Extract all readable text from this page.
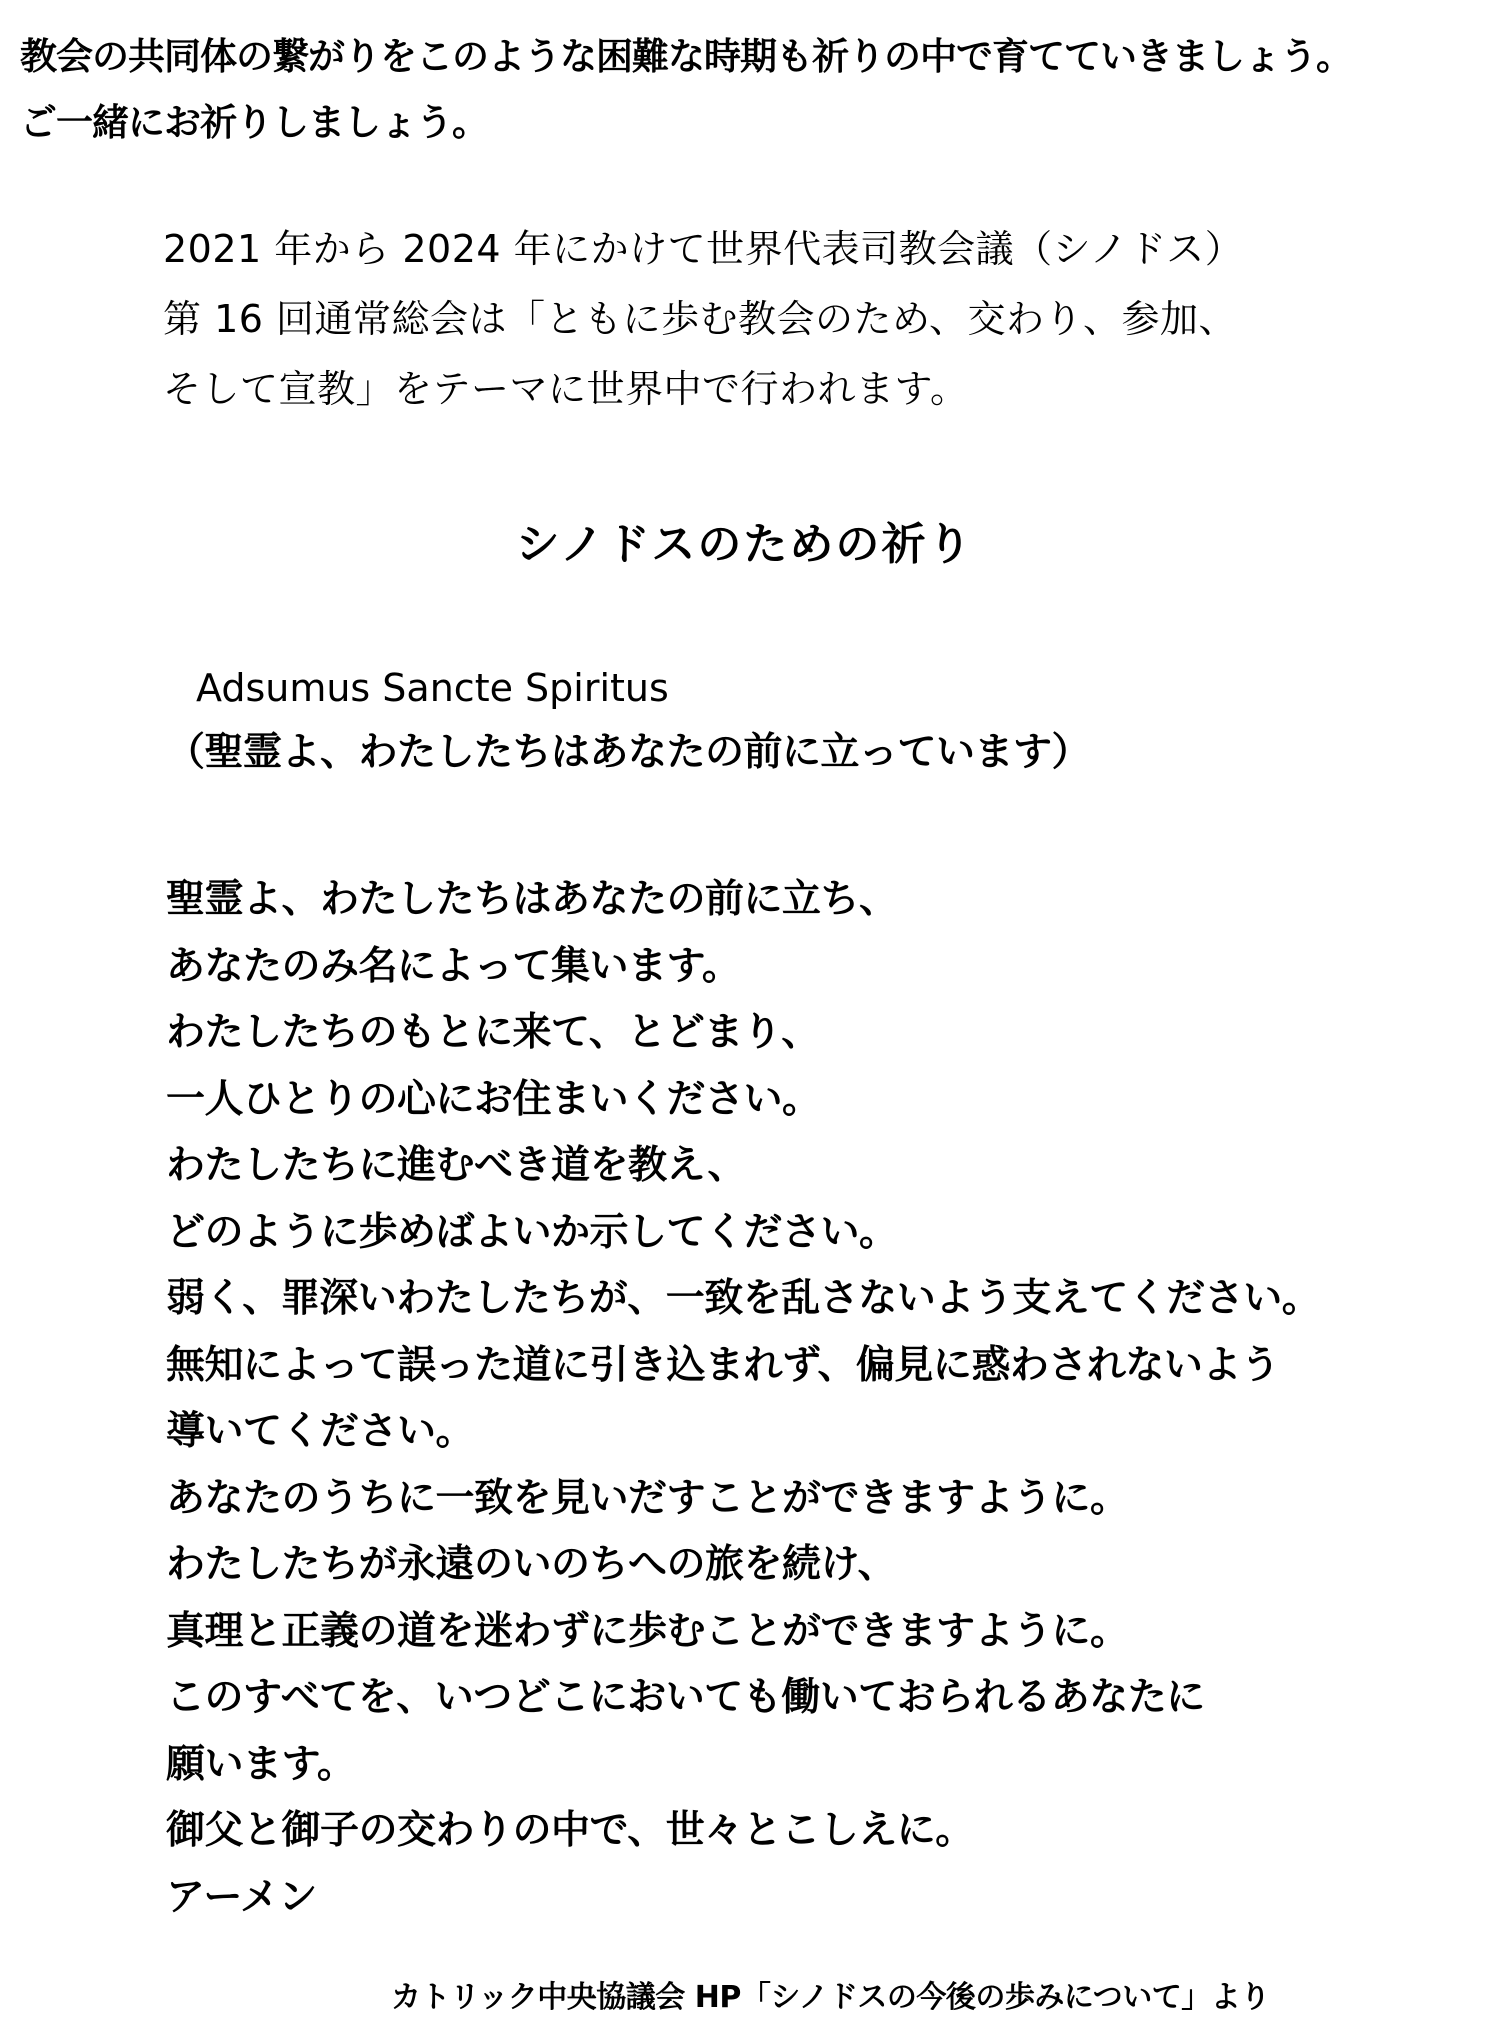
教会の共同体の繋がりをこのような困難な時期も祈りの中で育てていきましょう。
ご一緒にお祈りしましょう。
2021 年から 2024 年にかけて世界代表司教会議（シノドス）
第 16 回通常総会は「ともに歩む教会のため、交わり、参加、
そして宣教」をテーマに世界中で行われます。
シノドスのための祈り
Adsumus Sancte Spiritus
（聖霊よ、わたしたちはあなたの前に立っています）
聖霊よ、わたしたちはあなたの前に立ち、
あなたのみ名によって集います。
わたしたちのもとに来て、とどまり、
一人ひとりの心にお住まいください。
わたしたちに進むべき道を教え、
どのように歩めばよいか示してください。
弱く、罪深いわたしたちが、一致を乱さないよう支えてください。
無知によって誤った道に引き込まれず、偏見に惑わされないよう
導いてください。
あなたのうちに一致を見いだすことができますように。
わたしたちが永遠のいのちへの旅を続け、
真理と正義の道を迷わずに歩むことができますように。
このすべてを、いつどこにおいても働いておられるあなたに
願います。
御父と御子の交わりの中で、世々とこしえに。
アーメン
カトリック中央協議会 HP「シノドスの今後の歩みについて」より
